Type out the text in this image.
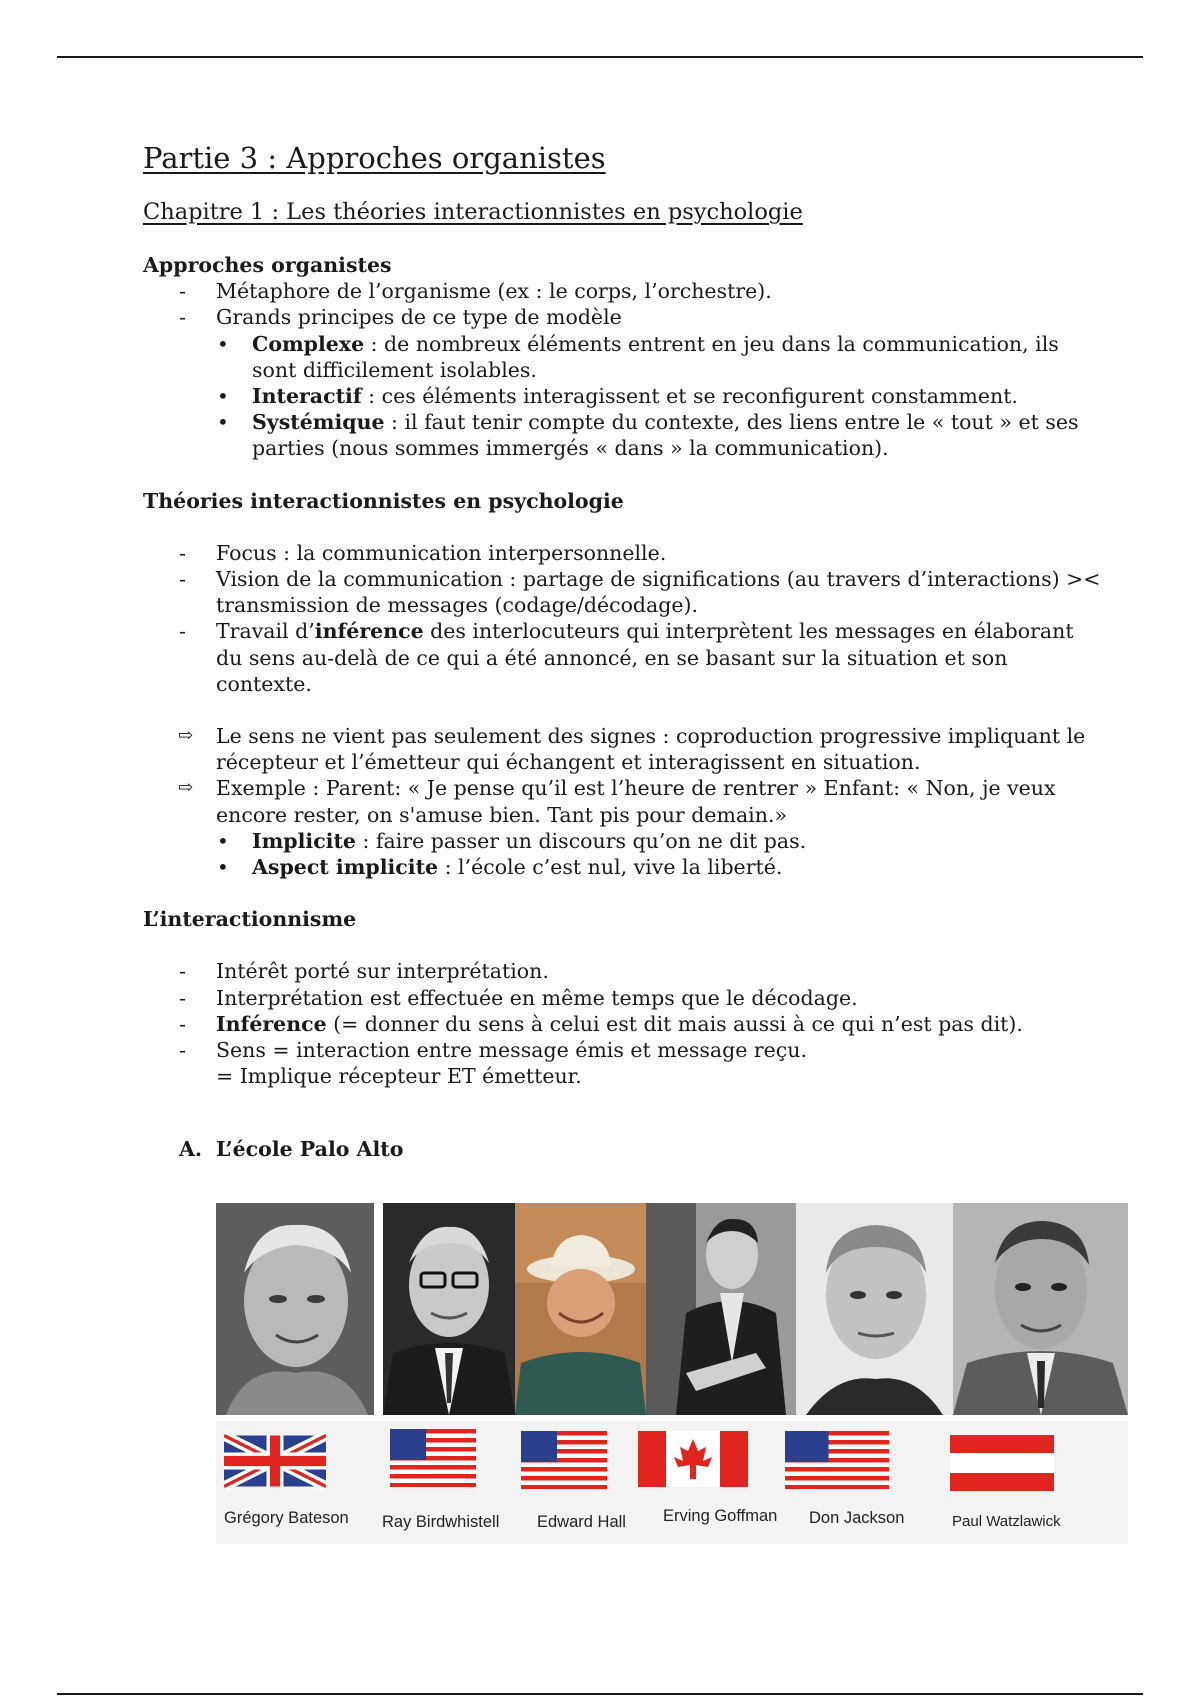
Partie 3 : Approches organistes
Chapitre 1 : Les théories interactionnistes en psychologie

Approches organistes

- Métaphore de l’organisme (ex : le corps, l’orchestre).
- Grands principes de ce type de modèle
• Complexe : de nombreux éléments entrent en jeu dans la communication, ils sont difficilement isolables.
• Interactif : ces éléments interagissent et se reconfigurent constamment.
• Systémique : il faut tenir compte du contexte, des liens entre le « tout » et ses parties (nous sommes immergés « dans » la communication).

Théories interactionnistes en psychologie

- Focus : la communication interpersonnelle.
- Vision de la communication : partage de significations (au travers d’interactions) >< transmission de messages (codage/décodage).
- Travail d’inférence des interlocuteurs qui interprètent les messages en élaborant du sens au-delà de ce qui a été annoncé, en se basant sur la situation et son contexte.
⇨ Le sens ne vient pas seulement des signes : coproduction progressive impliquant le récepteur et l’émetteur qui échangent et interagissent en situation.
⇨ Exemple : Parent: « Je pense qu’il est l’heure de rentrer » Enfant: « Non, je veux encore rester, on s'amuse bien. Tant pis pour demain.»
• Implicite : faire passer un discours qu’on ne dit pas.
• Aspect implicite : l’école c’est nul, vive la liberté.

L’interactionnisme

- Intérêt porté sur interprétation.
- Interprétation est effectuée en même temps que le décodage.
- Inférence (= donner du sens à celui est dit mais aussi à ce qui n’est pas dit).
- Sens = interaction entre message émis et message reçu.
= Implique récepteur ET émetteur.

A. L’école Palo Alto

Grégory Bateson Ray Birdwhistell Edward Hall Erving Goffman Don Jackson	Paul Watzlawick
